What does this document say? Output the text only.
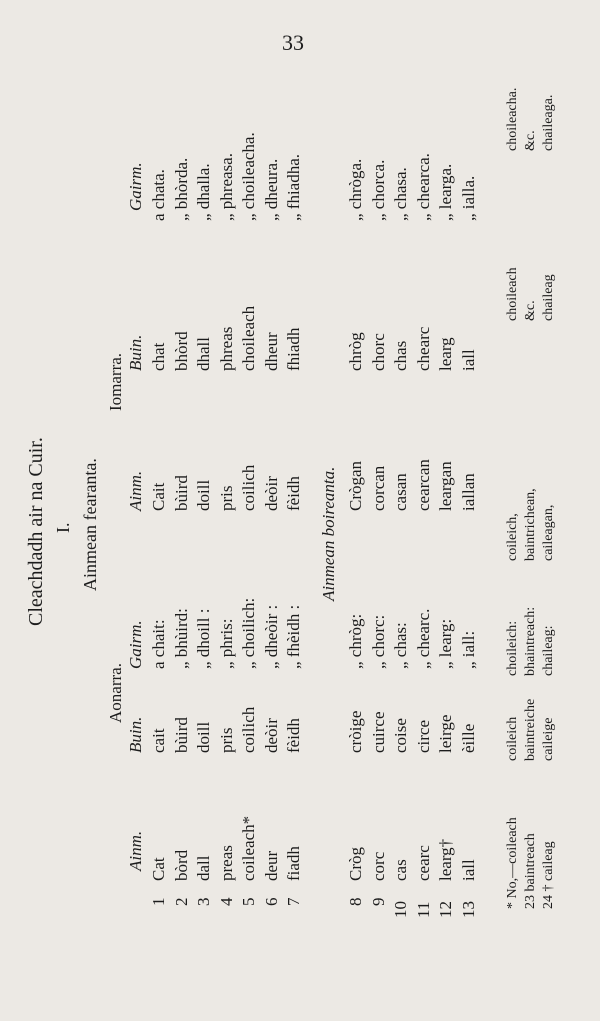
33
Cleachdadh air na Cuir. I. Ainmean fearanta.
Aonarra.
Iomarra.
Ainm.
Buin.
Gairm.
Ainm.
Buin.
Gairm.
Ainmean boireanta.
1
Cat
cait
a chait:
Cait
chat
a chata.
2
bòrd
bùird
„ bhùird:
bùird
bhòrd
„ bhòrda.
3
dall
doill
„ dhoill :
doill
dhall
„ dhalla.
4
preas
pris
„ phris:
pris
phreas
„ phreasa.
5
coileach*
coilich
„ choilich:
coilich
choileach
„ choileacha.
6
deur
deòir
„ dheòir :
deòir
dheur
„ dheura.
7
fiadh
fèidh
„ fhèidh :
fèidh
fhiadh
„ fhiadha.
8
Cròg
cròige
„ chròg:
Crògan
chròg
„ chròga.
9
corc
cuirce
„ chorc:
corcan
chorc
„ chorca.
10
cas
coise
„ chas:
casan
chas
„ chasa.
11
cearc
circe
„ chearc.
cearcan
chearc
„ chearca.
12
learg†
leirge
„ learg:
leargan
learg
„ learga.
13
iall
èille
„ iall:
iallan
iall
„ ialla.
* No,—coileach
coileich
choileich:
coileich,
choileach
choileacha.
23 baintreach
baintreiche
bhaintreach:
baintrichean,
&c.
&c.
24 † caileag
caileige
chaileag:
caileagan,
chaileag
chaileaga.
